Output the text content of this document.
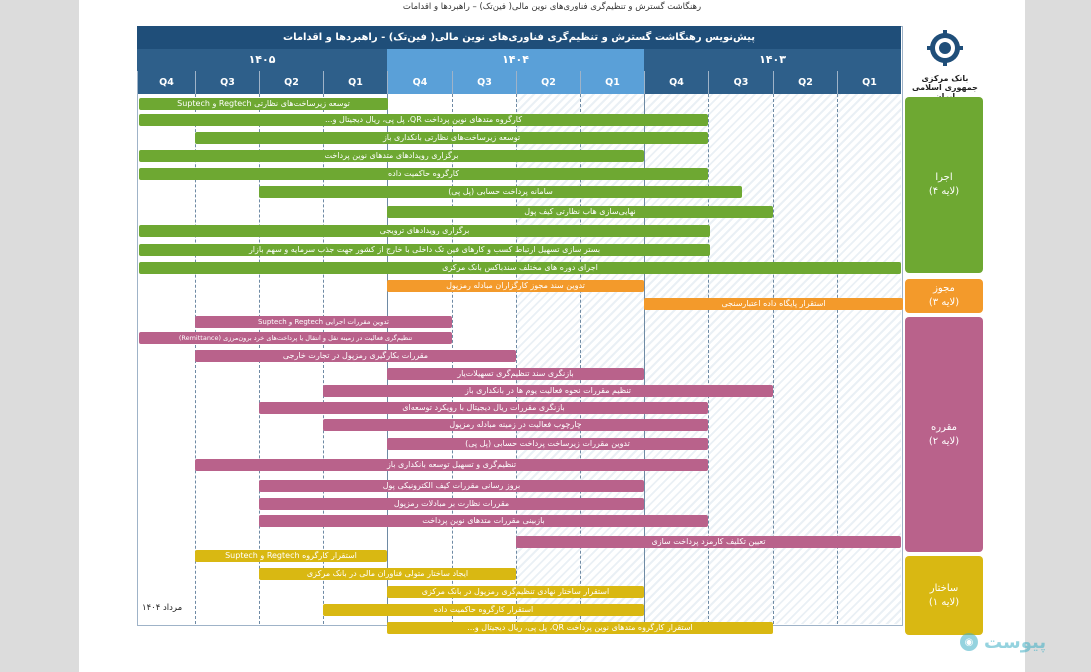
رهنگاشت گسترش و تنظیم‌گری فناوری‌های نوین مالی( فین‌تک) – راهبردها و اقدامات
پیش‌نویس رهنگاشت گسترش و تنظیم‌گری فناوری‌های نوین مالی( فین‌تک) - راهبردها و اقدامات
۱۴۰۵	۱۴۰۴	۱۴۰۳
Q4	Q3	Q2	Q1	Q4	Q3	Q2	Q1	Q4	Q3	Q2	Q1	بانک مرکزی جمهوری اسلامی
اجرا
(لایه ۴)
مجوز
(لایه ۳)
مقرره
(لایه ۲)
ساختار
(لایه ۱)
توسعه زیرساخت‌های نظارتی Regtech و Suptech
کارگروه متدهای نوین پرداخت QR، پل پی، ریال دیجیتال و...
توسعه زیرساخت‌های نظارتی بانکداری باز
برگزاری رویدادهای متدهای نوین پرداخت
کارگروه حاکمیت داده
سامانه پرداخت حسابی (پل پی)
نهایی‌سازی هاب نظارتی کیف پول
برگزاری رویدادهای ترویجی
بستر سازی تسهیل ارتباط کسب و کارهای فین تک داخلی با خارج از کشور جهت جذب سرمایه و سهم بازار
اجرای دوره های مختلف سندباکس بانک مرکزی
تدوین سند مجوز کارگزاران مبادله رمزپول
استقرار پایگاه داده اعتبارسنجی
تدوین مقررات اجرایی Regtech و Suptech
تنظیم‌گری فعالیت در زمینه نقل و انتقال یا پرداخت‌های خرد برون‌مرزی (Remittance)
مقررات بکارگیری رمزپول در تجارت خارجی
بازنگری سند تنظیم‌گری تسهیلات‌یار
تنظیم مقررات نحوه فعالیت یوم ها در بانکداری باز
بازنگری مقررات ریال دیجیتال با رویکرد توسعه‌ای
چارچوب فعالیت در زمینه مبادله رمزپول
تدوین مقررات زیرساخت پرداخت حسابی (پل پی)
تنظیم‌گری و تسهیل توسعه بانکداری باز
بروز رسانی مقررات کیف الکترونیکی پول
مقررات نظارت بر مبادلات رمزپول
بازبینی مقررات متدهای نوین پرداخت
تعیین تکلیف کارمزد پرداخت سازی
استقرار کارگروه Regtech و Suptech
ایجاد ساختار متولی فناوران مالی در بانک مرکزی
استقرار ساختار نهادی تنظیم‌گری رمزپول در بانک مرکزی
استقرار کارگروه حاکمیت داده
استقرار کارگروه متدهای نوین پرداخت QR، پل پی، ریال دیجیتال و...
مرداد ۱۴۰۴
◉ پیوست
